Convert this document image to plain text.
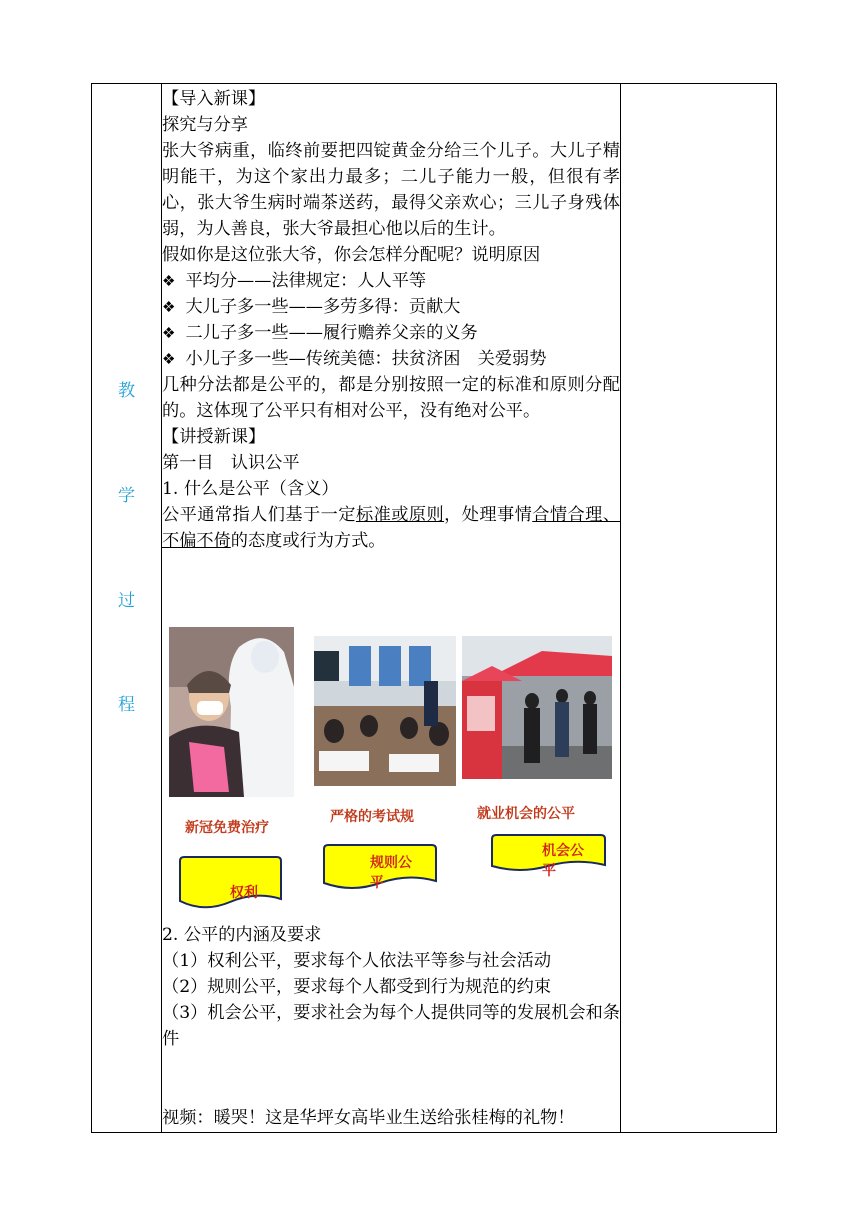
教
学
过
程

【导入新课】

探究与分享

张大爷病重，临终前要把四锭黄金分给三个儿子。大儿子精明能干，为这个家出力最多；二儿子能力一般，但很有孝心，张大爷生病时端茶送药，最得父亲欢心；三儿子身残体弱，为人善良，张大爷最担心他以后的生计。

假如你是这位张大爷，你会怎样分配呢？说明原因

❖ 平均分——法律规定：人人平等

❖ 大儿子多一些——多劳多得：贡献大

❖ 二儿子多一些——履行赡养父亲的义务

❖ 小儿子多一些—传统美德：扶贫济困　关爱弱势

几种分法都是公平的，都是分别按照一定的标准和原则分配的。这体现了公平只有相对公平，没有绝对公平。

【讲授新课】

第一目　认识公平

1. 什么是公平（含义）

公平通常指人们基于一定标准或原则，处理事情合情合理、不偏不倚的态度或行为方式。

新冠免费治疗
严格的考试规	就业机会的公平
权利
规则公平
机会公平

2. 公平的内涵及要求

（1）权利公平，要求每个人依法平等参与社会活动

（2）规则公平，要求每个人都受到行为规范的约束

（3）机会公平，要求社会为每个人提供同等的发展机会和条件

视频：暖哭！这是华坪女高毕业生送给张桂梅的礼物！
